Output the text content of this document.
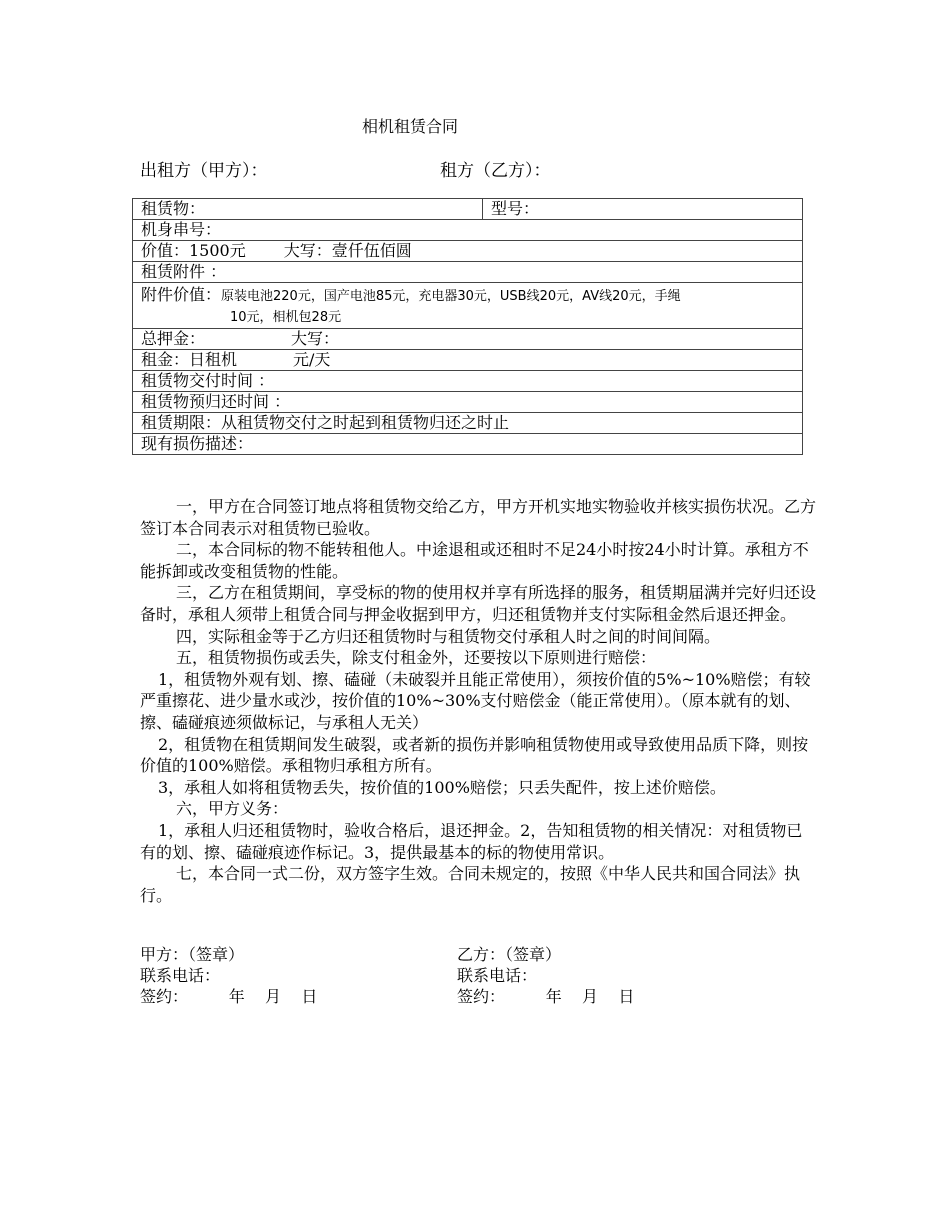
相机租赁合同
出租方（甲方）：	租方（乙方）：
租赁物：	型号：
机身串号：
价值：1500元 大写：壹仟伍佰圆
租赁附件 ：
附件价值：原装电池220元，国产电池85元，充电器30元，USB线20元，AV线20元，手绳
10元，相机包28元

总押金：	大写：
租金：日租机	元/天
租赁物交付时间 ：
租赁物预归还时间 ：
租赁期限：从租赁物交付之时起到租赁物归还之时止
现有损伤描述：

一，甲方在合同签订地点将租赁物交给乙方，甲方开机实地实物验收并核实损伤状况。乙方签订本合同表示对租赁物已验收。

二，本合同标的物不能转租他人。中途退租或还租时不足24小时按24小时计算。承租方不能拆卸或改变租赁物的性能。

三，乙方在租赁期间，享受标的物的使用权并享有所选择的服务，租赁期届满并完好归还设备时，承租人须带上租赁合同与押金收据到甲方，归还租赁物并支付实际租金然后退还押金。

四，实际租金等于乙方归还租赁物时与租赁物交付承租人时之间的时间间隔。

五，租赁物损伤或丢失，除支付租金外，还要按以下原则进行赔偿：

1，租赁物外观有划、擦、磕碰（未破裂并且能正常使用），须按价值的5%~10%赔偿；有较严重擦花、进少量水或沙，按价值的10%~30%支付赔偿金（能正常使用）。（原本就有的划、擦、磕碰痕迹须做标记，与承租人无关）

2，租赁物在租赁期间发生破裂，或者新的损伤并影响租赁物使用或导致使用品质下降，则按价值的100%赔偿。承租物归承租方所有。

3，承租人如将租赁物丢失，按价值的100%赔偿；只丢失配件，按上述价赔偿。

六，甲方义务：

1，承租人归还租赁物时，验收合格后，退还押金。2，告知租赁物的相关情况：对租赁物已有的划、擦、磕碰痕迹作标记。3，提供最基本的标的物使用常识。

七，本合同一式二份，双方签字生效。合同未规定的，按照《中华人民共和国合同法》执行。

甲方：（签章）
联系电话：
签约：        年    月    日
乙方：（签章）
联系电话：
签约：        年    月    日
